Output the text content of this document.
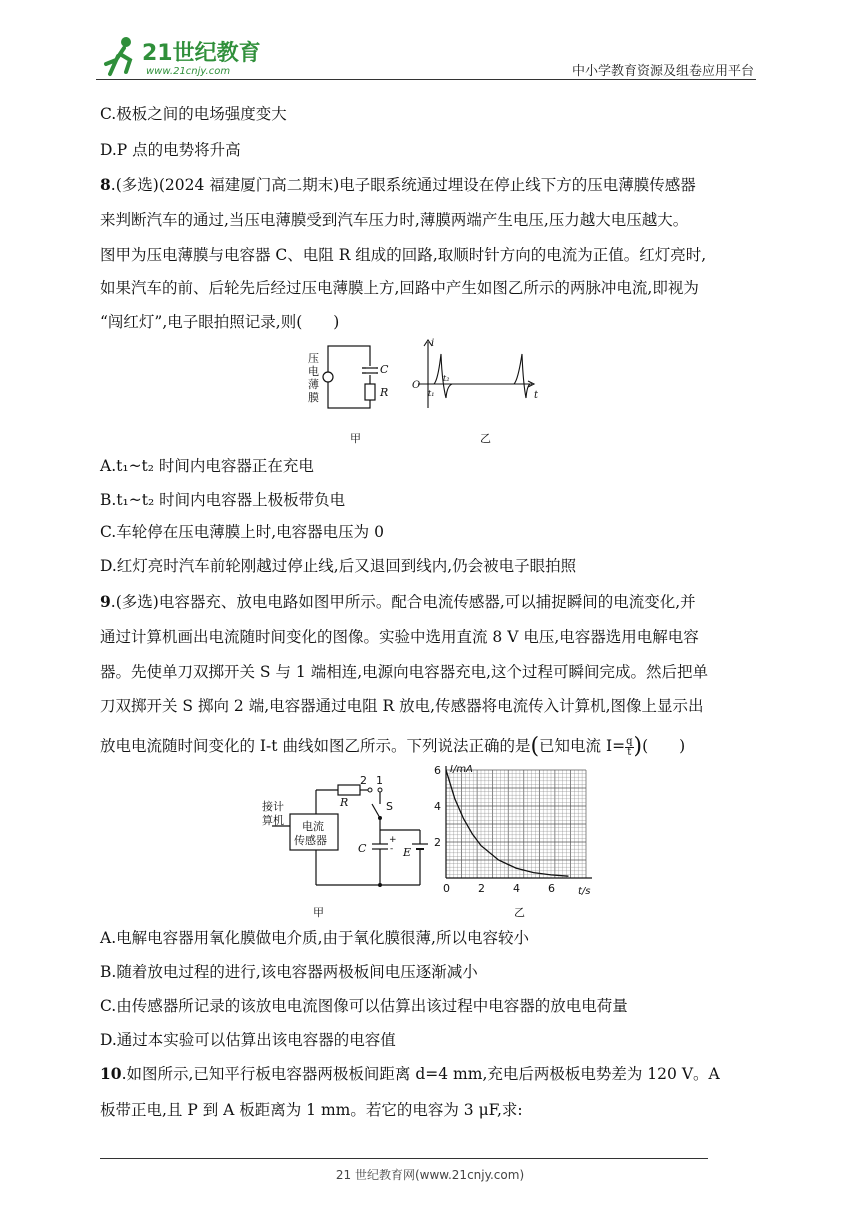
21世纪教育
www.21cnjy.com	中小学教育资源及组卷应用平台
C.极板之间的电场强度变大
D.P 点的电势将升高
8.(多选)(2024 福建厦门高二期末)电子眼系统通过埋设在停止线下方的压电薄膜传感器
来判断汽车的通过,当压电薄膜受到汽车压力时,薄膜两端产生电压,压力越大电压越大。
图甲为压电薄膜与电容器 C、电阻 R 组成的回路,取顺时针方向的电流为正值。红灯亮时,
如果汽车的前、后轮先后经过压电薄膜上方,回路中产生如图乙所示的两脉冲电流,即视为
“闯红灯”,电子眼拍照记录,则(　　)
压
电
薄
膜
C
R
甲	乙
i
t
O
t₁
t₂
A.t₁~t₂ 时间内电容器正在充电
B.t₁~t₂ 时间内电容器上极板带负电
C.车轮停在压电薄膜上时,电容器电压为 0
D.红灯亮时汽车前轮刚越过停止线,后又退回到线内,仍会被电子眼拍照
9.(多选)电容器充、放电电路如图甲所示。配合电流传感器,可以捕捉瞬间的电流变化,并
通过计算机画出电流随时间变化的图像。实验中选用直流 8 V 电压,电容器选用电解电容
器。先使单刀双掷开关 S 与 1 端相连,电源向电容器充电,这个过程可瞬间完成。然后把单
刀双掷开关 S 掷向 2 端,电容器通过电阻 R 放电,传感器将电流传入计算机,图像上显示出
放电电流随时间变化的 I-t 曲线如图乙所示。下列说法正确的是(已知电流 $I= \frac{q}{t}$ )(　　)
接计
算机 电流
传感器
R
2 1
S
C	E
甲
+
-	2
4
6
0	2	4	6
I/mA
t/s
乙
A.电解电容器用氧化膜做电介质,由于氧化膜很薄,所以电容较小
B.随着放电过程的进行,该电容器两极板间电压逐渐减小
C.由传感器所记录的该放电电流图像可以估算出该过程中电容器的放电电荷量
D.通过本实验可以估算出该电容器的电容值
10.如图所示,已知平行板电容器两极板间距离 d=4 mm,充电后两极板电势差为 120 V。A
板带正电,且 P 到 A 板距离为 1 mm。若它的电容为 3 μF,求:
21 世纪教育网(www.21cnjy.com)
